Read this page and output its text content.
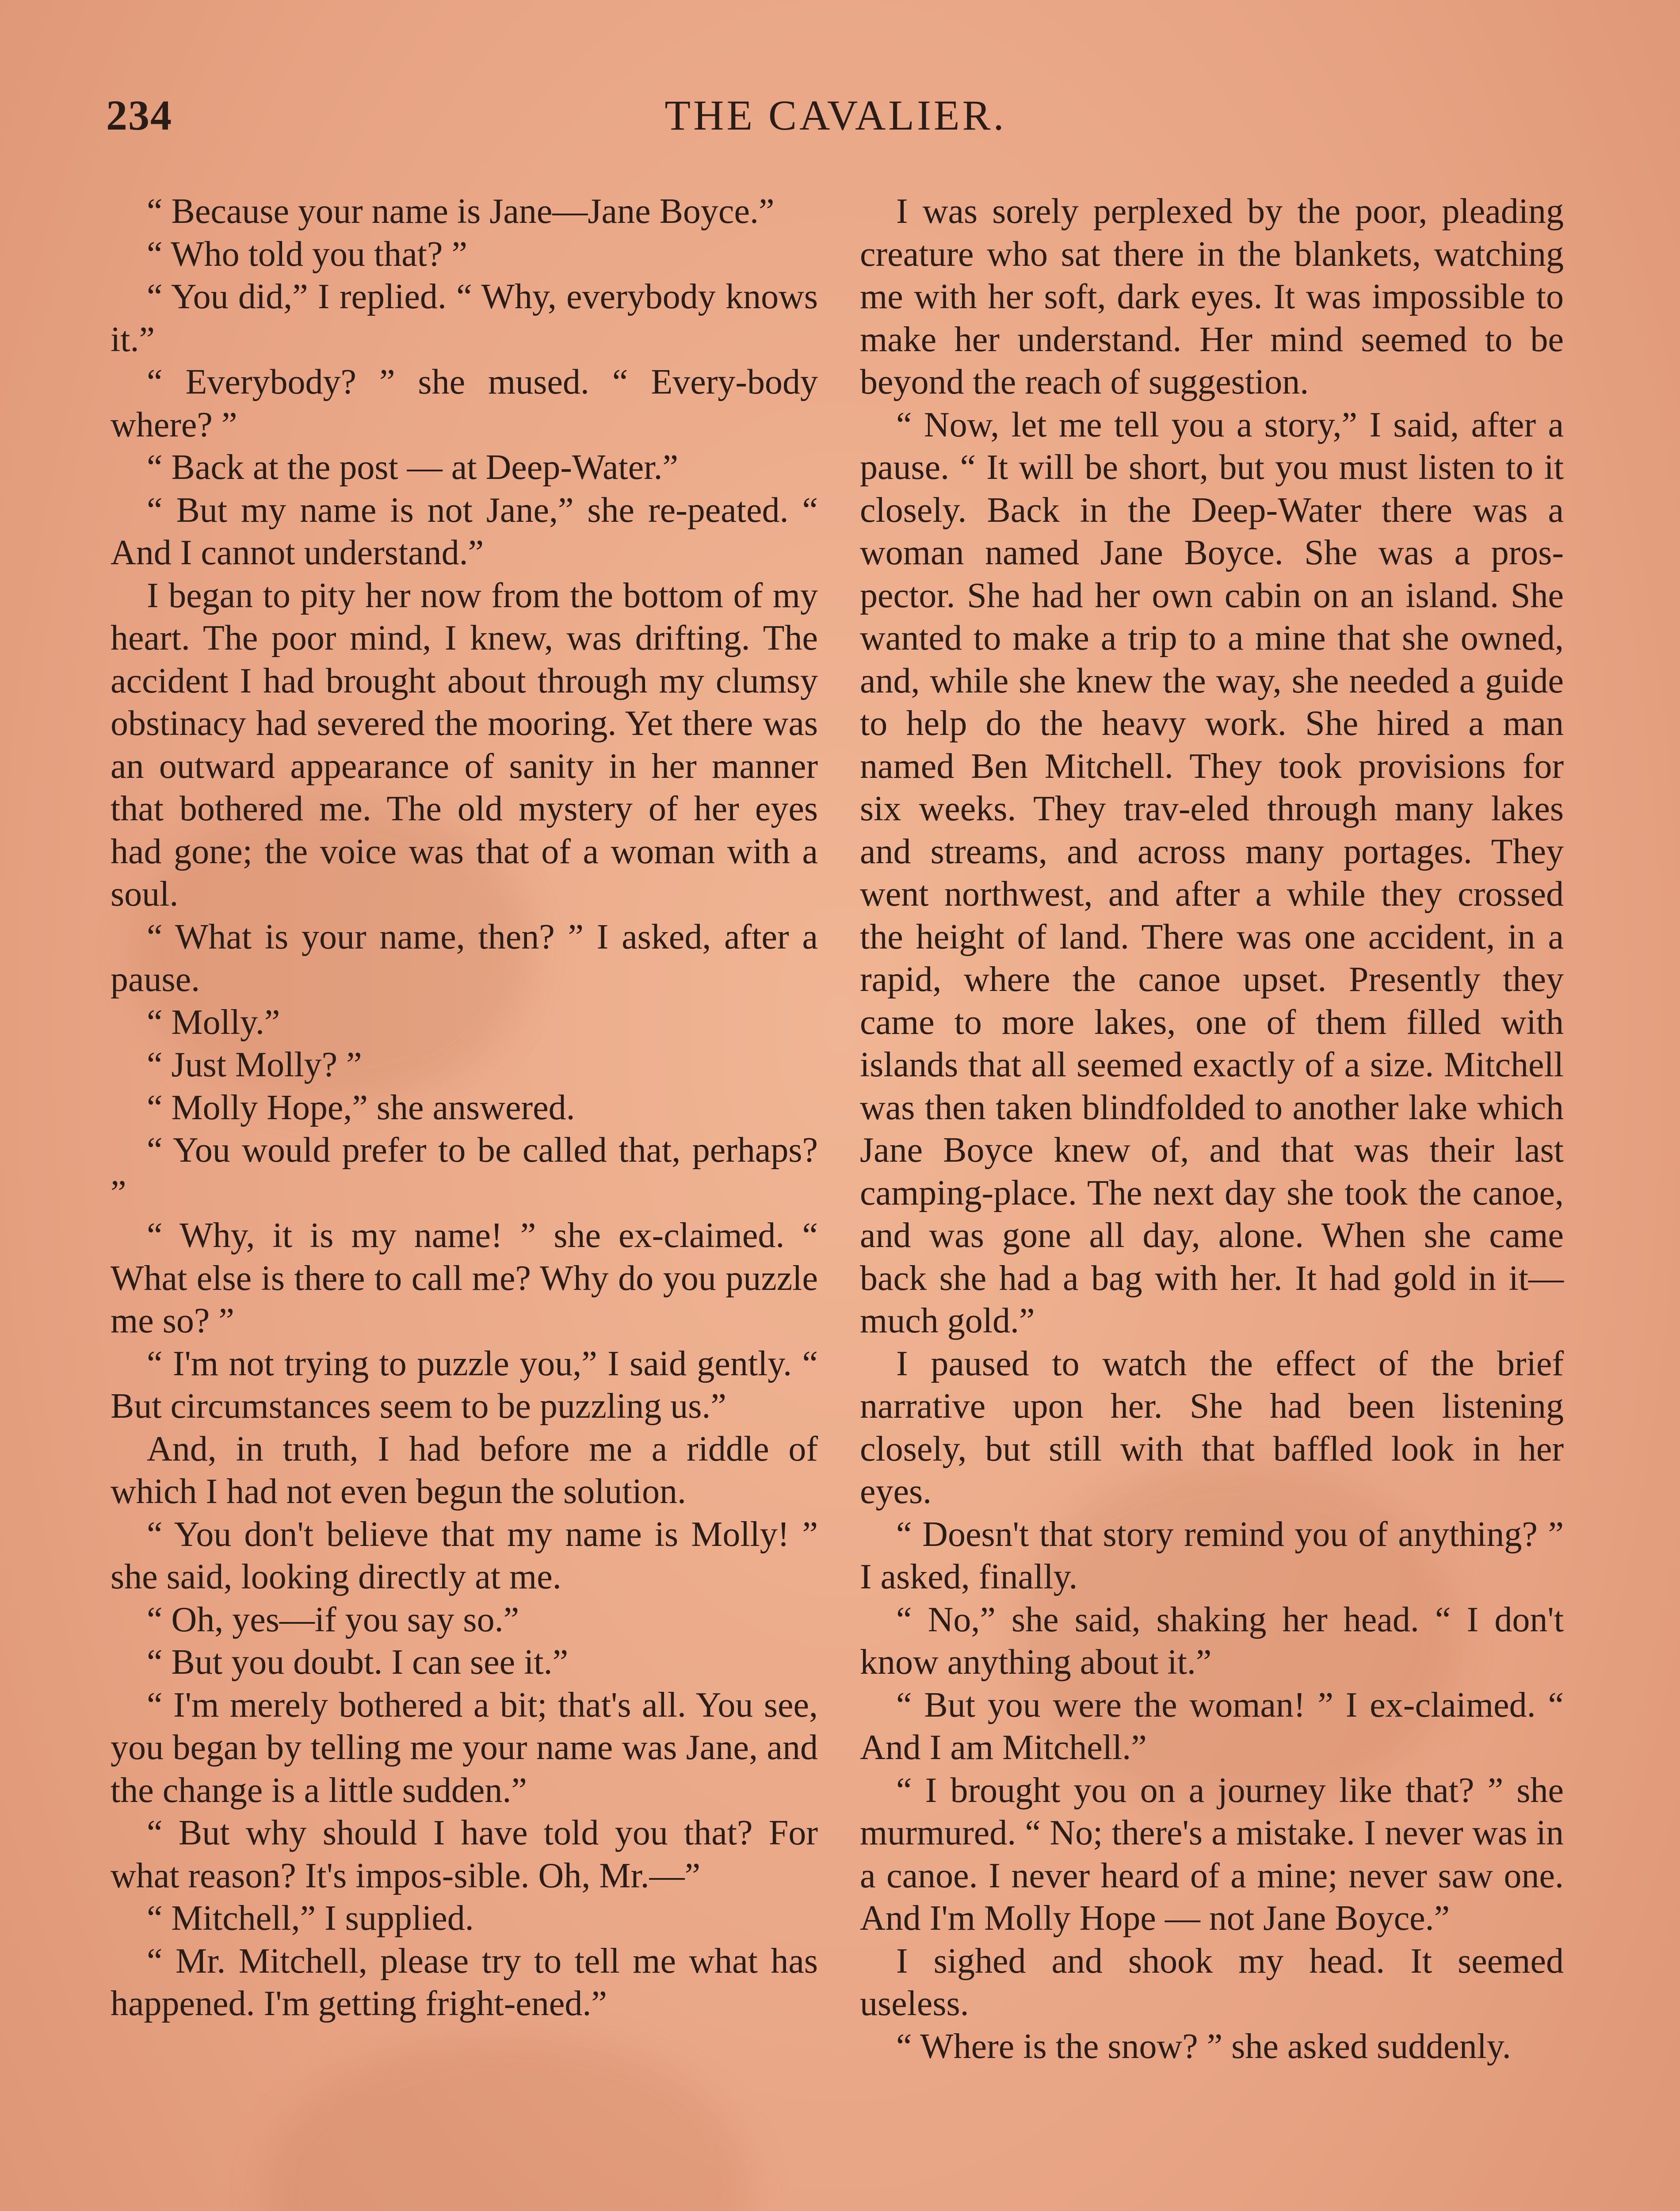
234	THE CAVALIER.

“ Because your name is Jane—Jane Boyce.”

“ Who told you that? ”

“ You did,” I replied. “ Why, everybody knows it.”

“ Everybody? ” she mused. “ Every-body where? ”

“ Back at the post — at Deep-Water.”

“ But my name is not Jane,” she re-peated. “ And I cannot understand.”

I began to pity her now from the bottom of my heart. The poor mind, I knew, was drifting. The accident I had brought about through my clumsy obstinacy had severed the mooring. Yet there was an outward appearance of sanity in her manner that bothered me. The old mystery of her eyes had gone; the voice was that of a woman with a soul.

“ What is your name, then? ” I asked, after a pause.

“ Molly.”

“ Just Molly? ”

“ Molly Hope,” she answered.

“ You would prefer to be called that, perhaps? ”

“ Why, it is my name! ” she ex-claimed. “ What else is there to call me? Why do you puzzle me so? ”

“ I'm not trying to puzzle you,” I said gently. “ But circumstances seem to be puzzling us.”

And, in truth, I had before me a riddle of which I had not even begun the solution.

“ You don't believe that my name is Molly! ” she said, looking directly at me.

“ Oh, yes—if you say so.”

“ But you doubt. I can see it.”

“ I'm merely bothered a bit; that's all. You see, you began by telling me your name was Jane, and the change is a little sudden.”

“ But why should I have told you that? For what reason? It's impos-sible. Oh, Mr.—”

“ Mitchell,” I supplied.

“ Mr. Mitchell, please try to tell me what has happened. I'm getting fright-ened.”

I was sorely perplexed by the poor, pleading creature who sat there in the blankets, watching me with her soft, dark eyes. It was impossible to make her understand. Her mind seemed to be beyond the reach of suggestion.

“ Now, let me tell you a story,” I said, after a pause. “ It will be short, but you must listen to it closely. Back in the Deep-Water there was a woman named Jane Boyce. She was a pros-pector. She had her own cabin on an island. She wanted to make a trip to a mine that she owned, and, while she knew the way, she needed a guide to help do the heavy work. She hired a man named Ben Mitchell. They took provisions for six weeks. They trav-eled through many lakes and streams, and across many portages. They went northwest, and after a while they crossed the height of land. There was one accident, in a rapid, where the canoe upset. Presently they came to more lakes, one of them filled with islands that all seemed exactly of a size. Mitchell was then taken blindfolded to another lake which Jane Boyce knew of, and that was their last camping-place. The next day she took the canoe, and was gone all day, alone. When she came back she had a bag with her. It had gold in it—much gold.”

I paused to watch the effect of the brief narrative upon her. She had been listening closely, but still with that baffled look in her eyes.

“ Doesn't that story remind you of anything? ” I asked, finally.

“ No,” she said, shaking her head. “ I don't know anything about it.”

“ But you were the woman! ” I ex-claimed. “ And I am Mitchell.”

“ I brought you on a journey like that? ” she murmured. “ No; there's a mistake. I never was in a canoe. I never heard of a mine; never saw one. And I'm Molly Hope — not Jane Boyce.”

I sighed and shook my head. It seemed useless.

“ Where is the snow? ” she asked suddenly.
